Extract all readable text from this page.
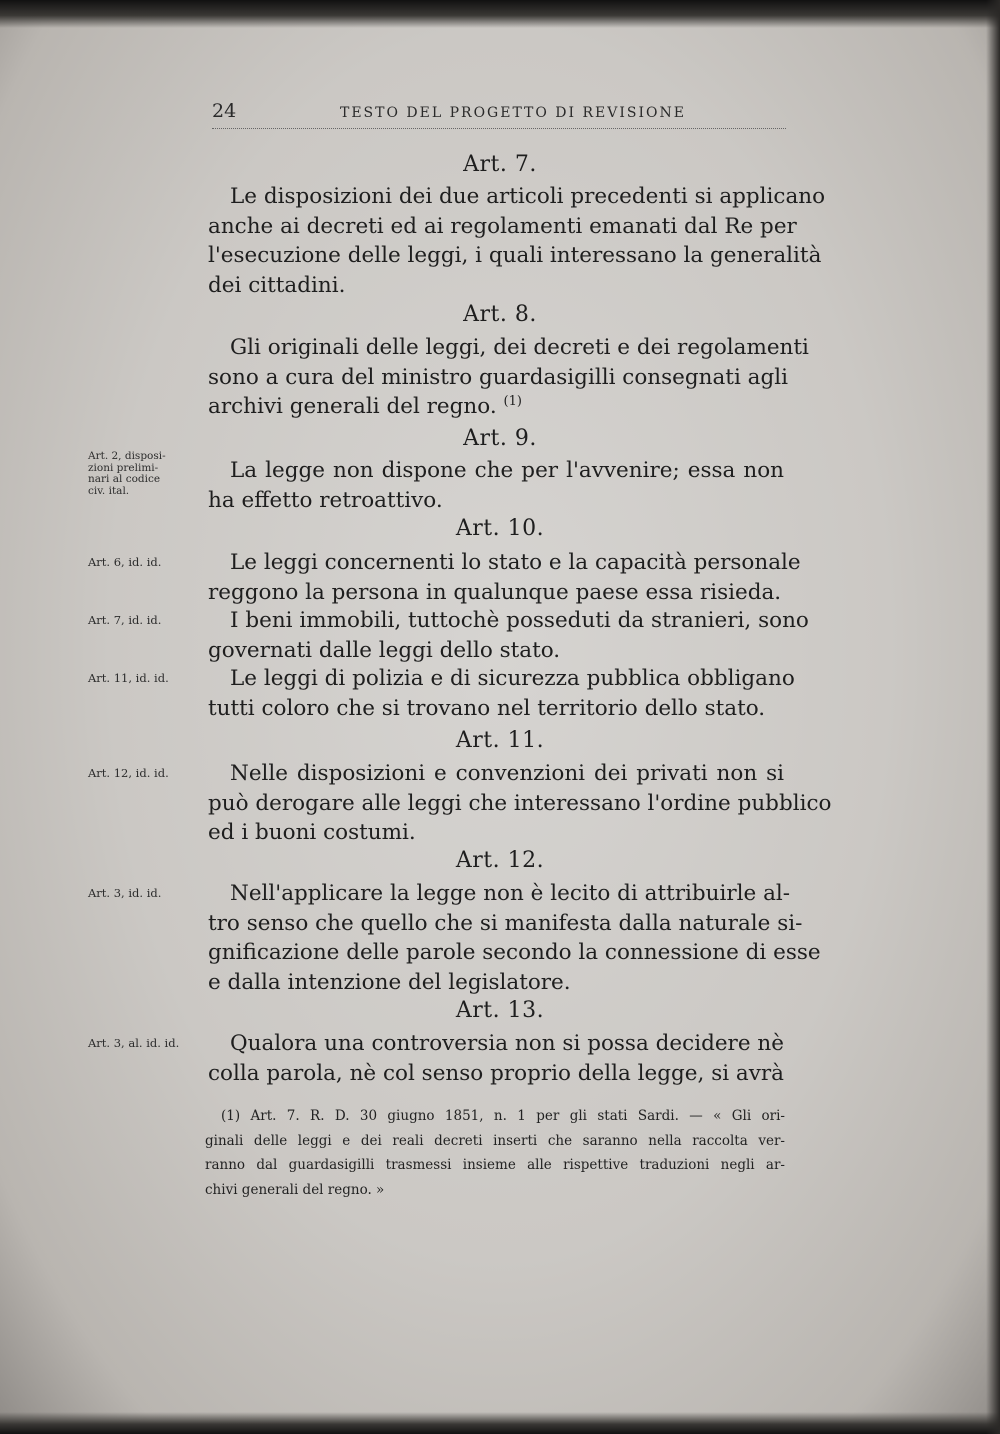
24	TESTO DEL PROGETTO DI REVISIONE
Art. 7.
Le disposizioni dei due articoli precedenti si applicano
anche ai decreti ed ai regolamenti emanati dal Re per
l'esecuzione delle leggi, i quali interessano la generalità
dei cittadini.
Art. 8.
Gli originali delle leggi, dei decreti e dei regolamenti
sono a cura del ministro guardasigilli consegnati agli
archivi generali del regno. $^{(1)}$
Art. 9.
Art. 2, disposi-
zioni prelimi-
nari al codice
civ. ital.
La legge non dispone che per l'avvenire; essa non
ha effetto retroattivo.
Art. 10.
Art. 6, id. id.	Le leggi concernenti lo stato e la capacità personale
reggono la persona in qualunque paese essa risieda.
Art. 7, id. id.	I beni immobili, tuttochè posseduti da stranieri, sono
governati dalle leggi dello stato.
Art. 11, id. id.	Le leggi di polizia e di sicurezza pubblica obbligano
tutti coloro che si trovano nel territorio dello stato.
Art. 11.
Art. 12, id. id.	Nelle disposizioni e convenzioni dei privati non si
può derogare alle leggi che interessano l'ordine pubblico
ed i buoni costumi.
Art. 12.
Art. 3, id. id.	Nell'applicare la legge non è lecito di attribuirle al-
tro senso che quello che si manifesta dalla naturale si-
gnificazione delle parole secondo la connessione di esse
e dalla intenzione del legislatore.
Art. 13.
Art. 3, al. id. id.	Qualora una controversia non si possa decidere nè
colla parola, nè col senso proprio della legge, si avrà
(1) Art. 7. R. D. 30 giugno 1851, n. 1 per gli stati Sardi. — « Gli ori-
ginali delle leggi e dei reali decreti inserti che saranno nella raccolta ver-
ranno dal guardasigilli trasmessi insieme alle rispettive traduzioni negli ar-
chivi generali del regno. »
